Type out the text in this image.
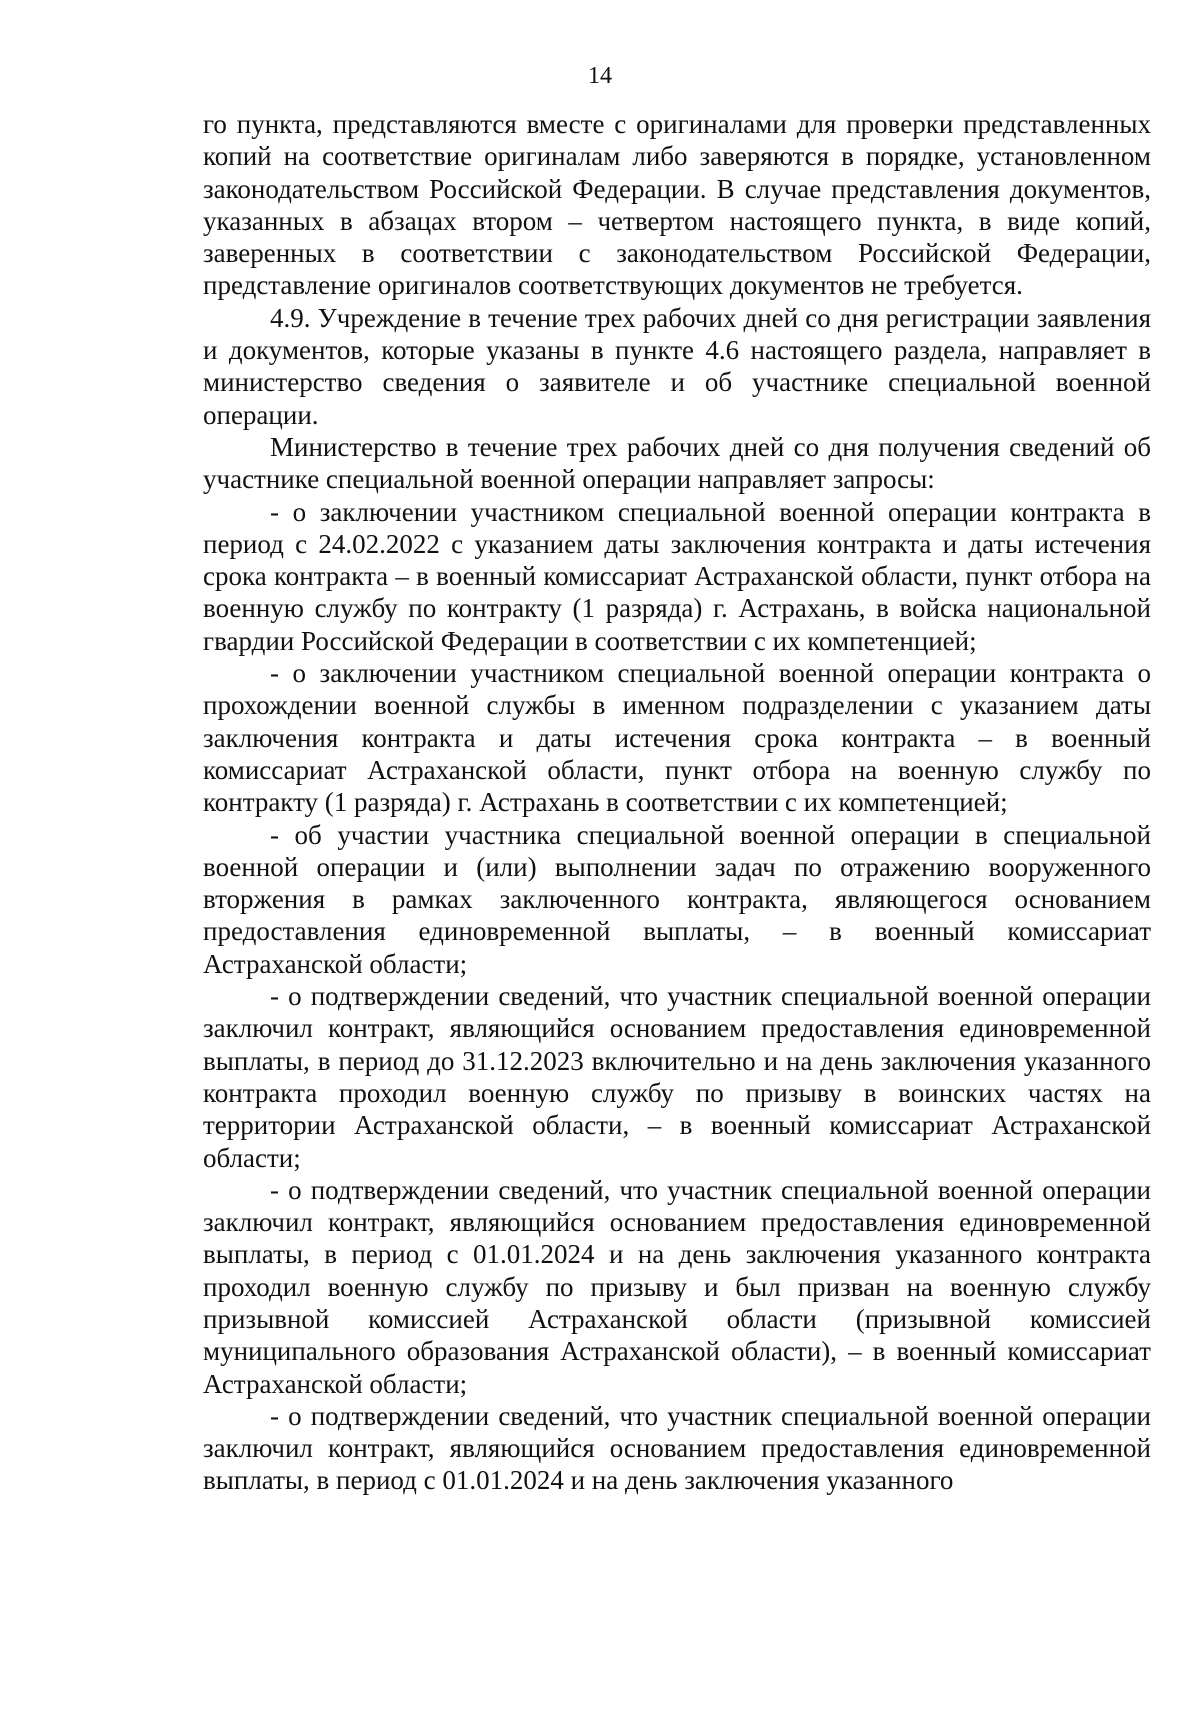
14

го пункта, представляются вместе с оригиналами для проверки представленных копий на соответствие оригиналам либо заверяются в порядке, установленном законодательством Российской Федерации. В случае представления документов, указанных в абзацах втором – четвертом настоящего пункта, в виде копий, заверенных в соответствии с законодательством Российской Федерации, представление оригиналов соответствующих документов не требуется.

4.9. Учреждение в течение трех рабочих дней со дня регистрации заявления и документов, которые указаны в пункте 4.6 настоящего раздела, направляет в министерство сведения о заявителе и об участнике специальной военной операции.

Министерство в течение трех рабочих дней со дня получения сведений об участнике специальной военной операции направляет запросы:

- о заключении участником специальной военной операции контракта в период с 24.02.2022 с указанием даты заключения контракта и даты истечения срока контракта – в военный комиссариат Астраханской области, пункт отбора на военную службу по контракту (1 разряда) г. Астрахань, в войска национальной гвардии Российской Федерации в соответствии с их компетенцией;

- о заключении участником специальной военной операции контракта о прохождении военной службы в именном подразделении с указанием даты заключения контракта и даты истечения срока контракта – в военный комиссариат Астраханской области, пункт отбора на военную службу по контракту (1 разряда) г. Астрахань в соответствии с их компетенцией;

- об участии участника специальной военной операции в специальной военной операции и (или) выполнении задач по отражению вооруженного вторжения в рамках заключенного контракта, являющегося основанием предоставления единовременной выплаты, – в военный комиссариат Астраханской области;

- о подтверждении сведений, что участник специальной военной операции заключил контракт, являющийся основанием предоставления единовременной выплаты, в период до 31.12.2023 включительно и на день заключения указанного контракта проходил военную службу по призыву в воинских частях на территории Астраханской области, – в военный комиссариат Астраханской области;

- о подтверждении сведений, что участник специальной военной операции заключил контракт, являющийся основанием предоставления единовременной выплаты, в период с 01.01.2024 и на день заключения указанного контракта проходил военную службу по призыву и был призван на военную службу призывной комиссией Астраханской области (призывной комиссией муниципального образования Астраханской области), – в военный комиссариат Астраханской области;

- о подтверждении сведений, что участник специальной военной операции заключил контракт, являющийся основанием предоставления единовременной выплаты, в период с 01.01.2024 и на день заключения указанного
